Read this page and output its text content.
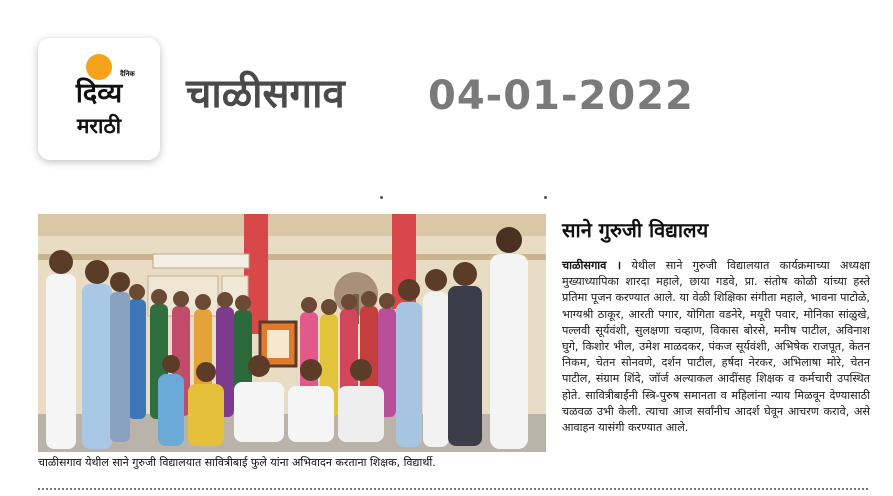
दैनिक
दिव्य
मराठी
चाळीसगाव 04-01-2022
चाळीसगाव येथील साने गुरुजी विद्यालयात सावित्रीबाई फुले यांना अभिवादन करताना शिक्षक, विद्यार्थी.
साने गुरुजी विद्यालय
चाळीसगाव । येथील साने गुरुजी विद्यालयात कार्यक्रमाच्या अध्यक्षा मुख्याध्यापिका शारदा महाले, छाया गडवे, प्रा. संतोष कोळी यांच्या हस्ते प्रतिमा पूजन करण्यात आले. या वेळी शिक्षिका संगीता महाले, भावना पाटोळे, भाग्यश्री ठाकूर, आरती पगार, योगिता वडनेरे, मयूरी पवार, मोनिका सांळुखे, पल्लवी सूर्यवंशी, सुलक्षणा चव्हाण, विकास बोरसे, मनीष पाटील, अविनाश घुगे, किशोर भील, उमेश माळदकर, पंकज सूर्यवंशी, अभिषेक राजपूत, केतन निकम, चेतन सोनवणे, दर्शन पाटील, हर्षदा नेरकर, अभिलाषा मोरे, चेतन पाटील, संग्राम शिंदे, जॉर्ज अल्याकल आदींसह शिक्षक व कर्मचारी उपस्थित होते. सावित्रीबाईंनी स्त्रि-पुरुष समानता व महिलांना न्याय मिळवून देण्यासाठी चळवळ उभी केली. त्याचा आज सर्वांनीच आदर्श घेवून आचरण करावे, असे आवाहन यासंगी करण्यात आले.
